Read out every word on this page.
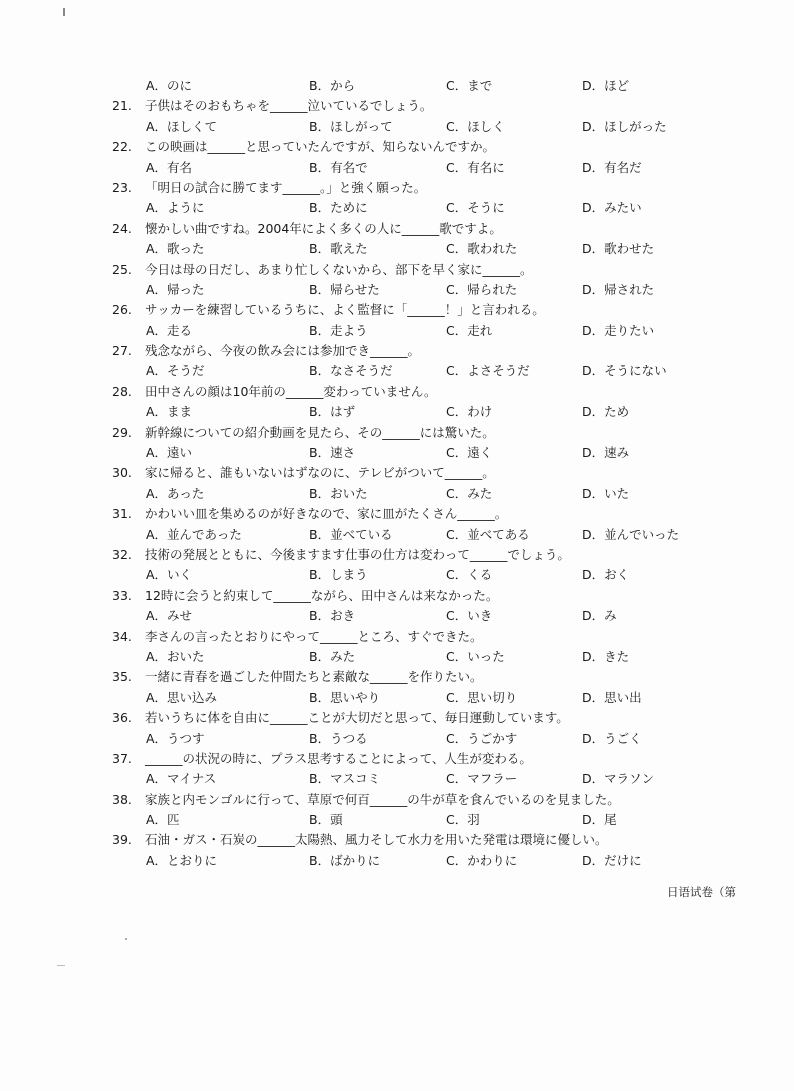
A．のに	B．から	C．まで	D．ほど
21. 子供はそのおもちゃを______泣いているでしょう。
A．ほしくて	B．ほしがって	C．ほしく	D．ほしがった
22. この映画は______と思っていたんですが、知らないんですか。
A．有名	B．有名で	C．有名に	D．有名だ
23. 「明日の試合に勝てます______。」と強く願った。
A．ように	B．ために	C．そうに	D．みたい
24. 懐かしい曲ですね。2004年によく多くの人に______歌ですよ。
A．歌った	B．歌えた	C．歌われた	D．歌わせた
25. 今日は母の日だし、あまり忙しくないから、部下を早く家に______。
A．帰った	B．帰らせた	C．帰られた	D．帰された
26. サッカーを練習しているうちに、よく監督に「______！」と言われる。
A．走る	B．走よう	C．走れ	D．走りたい
27. 残念ながら、今夜の飲み会には参加でき______。
A．そうだ	B．なさそうだ	C．よさそうだ	D．そうにない
28. 田中さんの顔は10年前の______変わっていません。
A．まま	B．はず	C．わけ	D．ため
29. 新幹線についての紹介動画を見たら、その______には驚いた。
A．遠い	B．速さ	C．遠く	D．速み
30. 家に帰ると、誰もいないはずなのに、テレビがついて______。
A．あった	B．おいた	C．みた	D．いた
31. かわいい皿を集めるのが好きなので、家に皿がたくさん______。
A．並んであった	B．並べている	C．並べてある	D．並んでいった
32. 技術の発展とともに、今後ますます仕事の仕方は変わって______でしょう。
A．いく	B．しまう	C．くる	D．おく
33. 12時に会うと約束して______ながら、田中さんは来なかった。
A．みせ	B．おき	C．いき	D．み
34. 李さんの言ったとおりにやって______ところ、すぐできた。
A．おいた	B．みた	C．いった	D．きた
35. 一緒に青春を過ごした仲間たちと素敵な______を作りたい。
A．思い込み	B．思いやり	C．思い切り	D．思い出
36. 若いうちに体を自由に______ことが大切だと思って、毎日運動しています。
A．うつす	B．うつる	C．うごかす	D．うごく
37. ______の状況の時に、プラス思考することによって、人生が変わる。
A．マイナス	B．マスコミ	C．マフラー	D．マラソン
38. 家族と内モンゴルに行って、草原で何百______の牛が草を食んでいるのを見ました。
A．匹	B．頭	C．羽	D．尾
39. 石油・ガス・石炭の______太陽熱、風力そして水力を用いた発電は環境に優しい。
A．とおりに	B．ばかりに	C．かわりに	D．だけに
日语试卷（第
